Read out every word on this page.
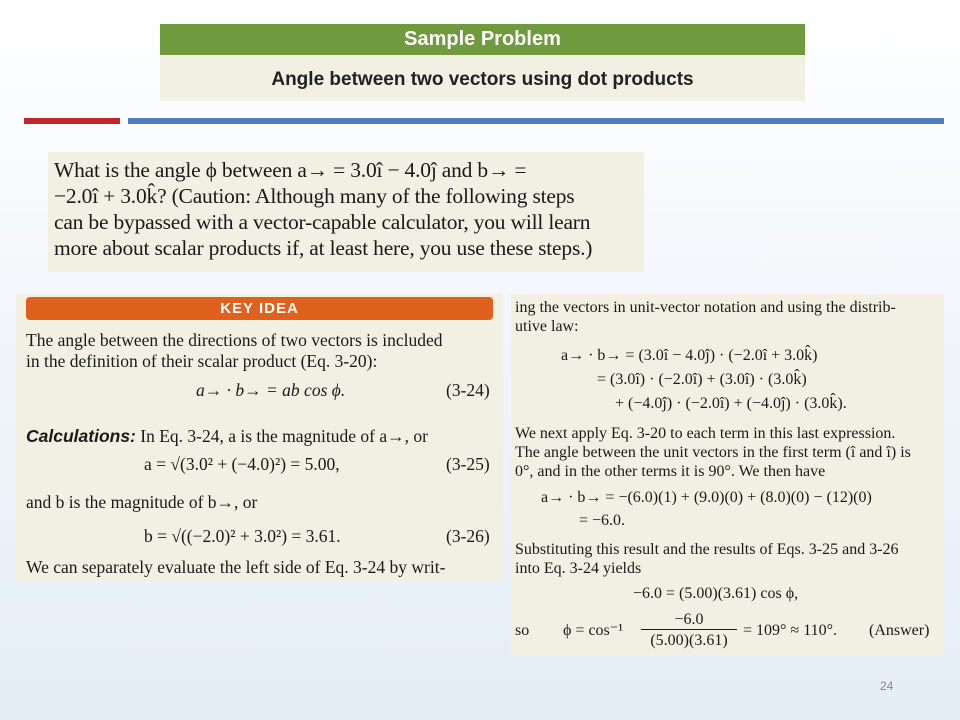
Sample Problem
Angle between two vectors using dot products
What is the angle ϕ between a→ = 3.0î − 4.0ĵ and b→ =
−2.0î + 3.0k̂? (Caution: Although many of the following steps
can be bypassed with a vector-capable calculator, you will learn
more about scalar products if, at least here, you use these steps.)
KEY IDEA
The angle between the directions of two vectors is included
in the definition of their scalar product (Eq. 3-20):
a→ · b→ = ab cos ϕ.	(3-24)
Calculations: In Eq. 3-24, a is the magnitude of a→, or
a = √(3.0² + (−4.0)²) = 5.00,	(3-25)
and b is the magnitude of b→, or
b = √((−2.0)² + 3.0²) = 3.61.	(3-26)
We can separately evaluate the left side of Eq. 3-24 by writ-
ing the vectors in unit-vector notation and using the distrib-
utive law:
a→ · b→ = (3.0î − 4.0ĵ) · (−2.0î + 3.0k̂)
= (3.0î) · (−2.0î) + (3.0î) · (3.0k̂)
+ (−4.0ĵ) · (−2.0î) + (−4.0ĵ) · (3.0k̂).
We next apply Eq. 3-20 to each term in this last expression.
The angle between the unit vectors in the first term (î and î) is
0°, and in the other terms it is 90°. We then have
a→ · b→ = −(6.0)(1) + (9.0)(0) + (8.0)(0) − (12)(0)
= −6.0.
Substituting this result and the results of Eqs. 3-25 and 3-26
into Eq. 3-24 yields
−6.0 = (5.00)(3.61) cos ϕ,
so ϕ = cos⁻¹
−6.0
(5.00)(3.61)
= 109° ≈ 110°. (Answer)
24
